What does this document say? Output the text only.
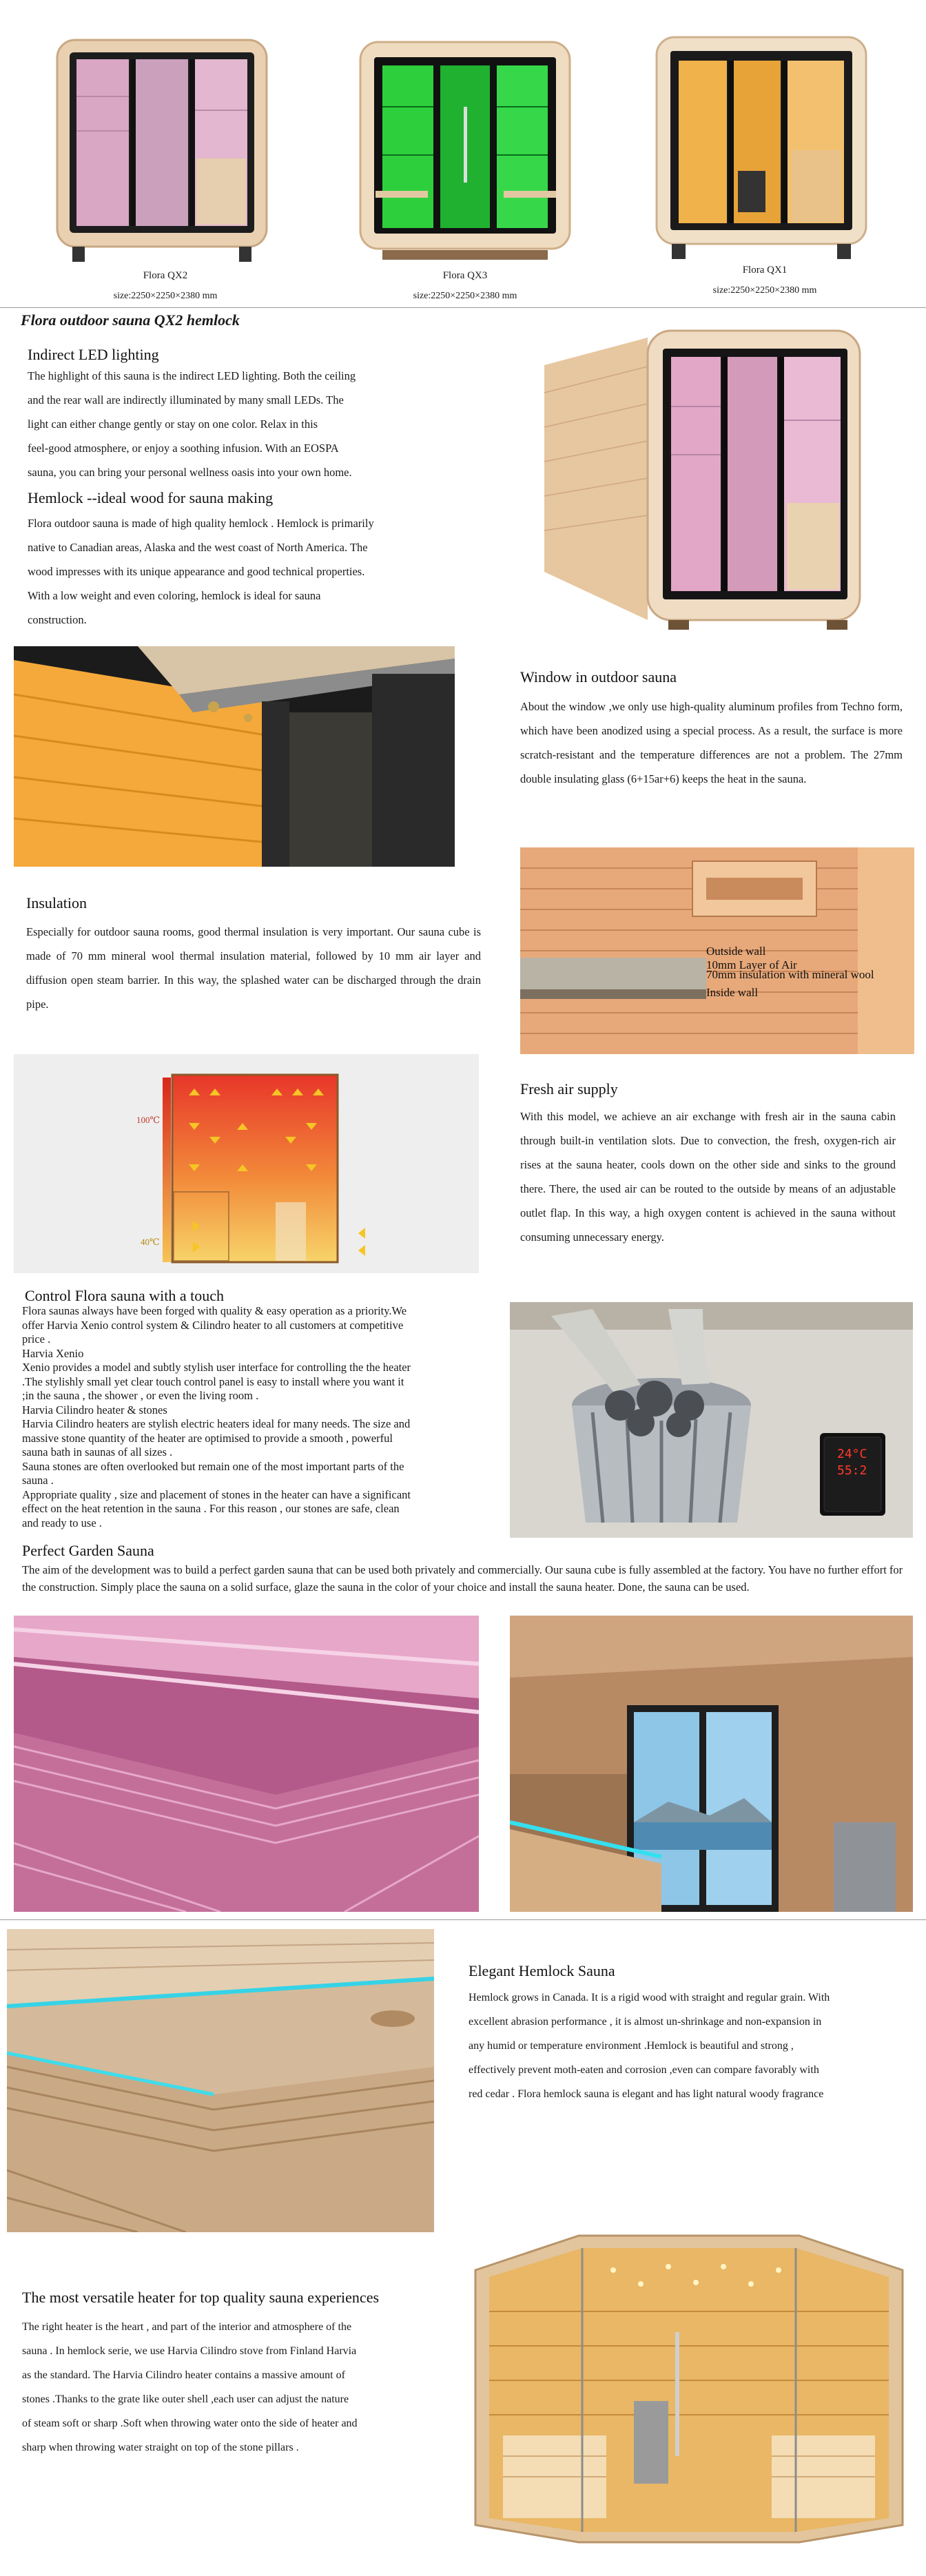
Flora QX2
size:2250×2250×2380 mm
Flora QX3
size:2250×2250×2380 mm
Flora QX1
size:2250×2250×2380 mm
Flora outdoor sauna QX2 hemlock
Indirect LED lighting
The highlight of this sauna is the indirect LED lighting. Both the ceiling
and the rear wall are indirectly illuminated by many small LEDs. The
light can either change gently or stay on one color. Relax in this
feel-good atmosphere, or enjoy a soothing infusion. With an EOSPA
sauna, you can bring your personal wellness oasis into your own home.
Hemlock --ideal wood for sauna making
Flora outdoor sauna is made of high quality hemlock . Hemlock is primarily
native to Canadian areas, Alaska and the west coast of North America. The
wood impresses with its unique appearance and good technical properties.
With a low weight and even coloring, hemlock is ideal for sauna
construction.
Window in outdoor sauna
About the window ,we only use high-quality aluminum profiles from Techno form, which have been anodized using a special process. As a result, the surface is more scratch-resistant and the temperature differences are not a problem. The 27mm double insulating glass (6+15ar+6) keeps the heat in the sauna.
Insulation
Especially for outdoor sauna rooms, good thermal insulation is very important. Our sauna cube is made of 70 mm mineral wool thermal insulation material, followed by 10 mm air layer and diffusion open steam barrier. In this way, the splashed water can be discharged through the drain pipe.
Outside wall
10mm Layer of Air
70mm insulation with mineral wool
Inside wall
100℃
40℃
Fresh air supply
With this model, we achieve an air exchange with fresh air in the sauna cabin through built-in ventilation slots. Due to convection, the fresh, oxygen-rich air rises at the sauna heater, cools down on the other side and sinks to the ground there. There, the used air can be routed to the outside by means of an adjustable outlet flap. In this way, a high oxygen content is achieved in the sauna without consuming unnecessary energy.
Control Flora sauna with a touch
Flora saunas always have been forged with quality & easy operation as a priority.We
offer Harvia Xenio control system & Cilindro heater to all customers at competitive
price .
Harvia Xenio
Xenio provides a model and subtly stylish user interface for controlling the the heater
.The stylishly small yet clear touch control panel is easy to install where you want it
;in the sauna , the shower , or even the living room .
Harvia Cilindro heater & stones
Harvia Cilindro heaters are stylish electric heaters ideal for many needs. The size and
massive stone quantity of the heater are optimised to provide a smooth , powerful
sauna bath in saunas of all sizes .
Sauna stones are often overlooked but remain one of the most important parts of the
sauna .
Appropriate quality , size and placement of stones in the heater can have a significant
effect on the heat retention in the sauna . For this reason , our stones are safe, clean
and ready to use .
24°C
55:2
Perfect Garden Sauna
The aim of the development was to build a perfect garden sauna that can be used both privately and commercially. Our sauna cube is fully assembled at the factory. You have no further effort for the construction. Simply place the sauna on a solid surface, glaze the sauna in the color of your choice and install the sauna heater. Done, the sauna can be used.
Elegant Hemlock Sauna
Hemlock grows in Canada. It is a rigid wood with straight and regular grain. With
excellent abrasion performance , it is almost un-shrinkage and non-expansion in
any humid or temperature environment .Hemlock is beautiful and strong ,
effectively prevent moth-eaten and corrosion ,even can compare favorably with
red cedar . Flora hemlock sauna is elegant and has light natural woody fragrance
The most versatile heater for top quality sauna experiences
The right heater is the heart , and part of the interior and atmosphere of the
sauna . In hemlock serie, we use Harvia Cilindro stove from Finland Harvia
as the standard. The Harvia Cilindro heater contains a massive amount of
stones .Thanks to the grate like outer shell ,each user can adjust the nature
of steam soft or sharp .Soft when throwing water onto the side of heater and
sharp when throwing water straight on top of the stone pillars .
